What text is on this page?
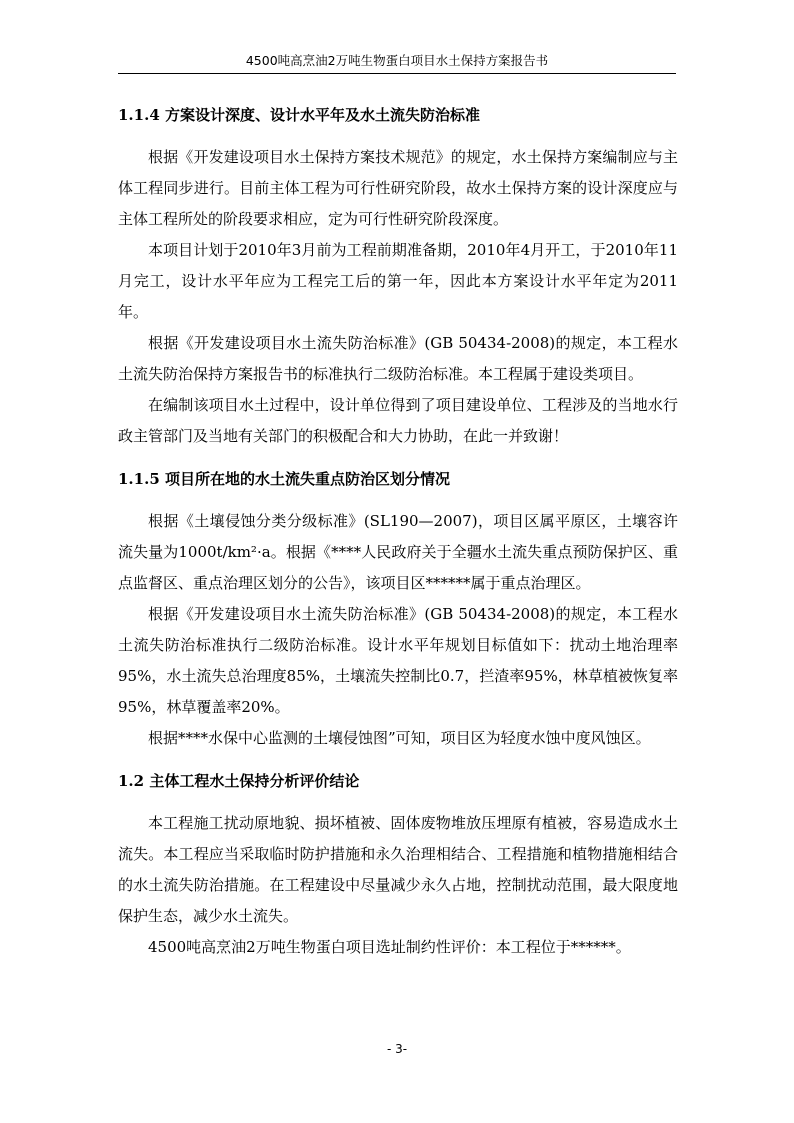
4500吨高烹油2万吨生物蛋白项目水土保持方案报告书
1.1.4 方案设计深度、设计水平年及水土流失防治标准

根据《开发建设项目水土保持方案技术规范》的规定，水土保持方案编制应与主体工程同步进行。目前主体工程为可行性研究阶段，故水土保持方案的设计深度应与主体工程所处的阶段要求相应，定为可行性研究阶段深度。

本项目计划于2010年3月前为工程前期准备期，2010年4月开工，于2010年11月完工，设计水平年应为工程完工后的第一年，因此本方案设计水平年定为2011年。

根据《开发建设项目水土流失防治标准》(GB 50434-2008)的规定，本工程水土流失防治保持方案报告书的标准执行二级防治标准。本工程属于建设类项目。

在编制该项目水土过程中，设计单位得到了项目建设单位、工程涉及的当地水行政主管部门及当地有关部门的积极配合和大力协助，在此一并致谢！

1.1.5 项目所在地的水土流失重点防治区划分情况

根据《土壤侵蚀分类分级标准》(SL190—2007)，项目区属平原区，土壤容许流失量为1000t/km²·a。根据《****人民政府关于全疆水土流失重点预防保护区、重点监督区、重点治理区划分的公告》，该项目区******属于重点治理区。

根据《开发建设项目水土流失防治标准》(GB 50434-2008)的规定，本工程水土流失防治标准执行二级防治标准。设计水平年规划目标值如下：扰动土地治理率95%，水土流失总治理度85%，土壤流失控制比0.7，拦渣率95%，林草植被恢复率95%，林草覆盖率20%。

根据****水保中心监测的土壤侵蚀图”可知，项目区为轻度水蚀中度风蚀区。

1.2 主体工程水土保持分析评价结论

本工程施工扰动原地貌、损坏植被、固体废物堆放压埋原有植被，容易造成水土流失。本工程应当采取临时防护措施和永久治理相结合、工程措施和植物措施相结合的水土流失防治措施。在工程建设中尽量减少永久占地，控制扰动范围，最大限度地保护生态，减少水土流失。

4500吨高烹油2万吨生物蛋白项目选址制约性评价：本工程位于******。

- 3-
